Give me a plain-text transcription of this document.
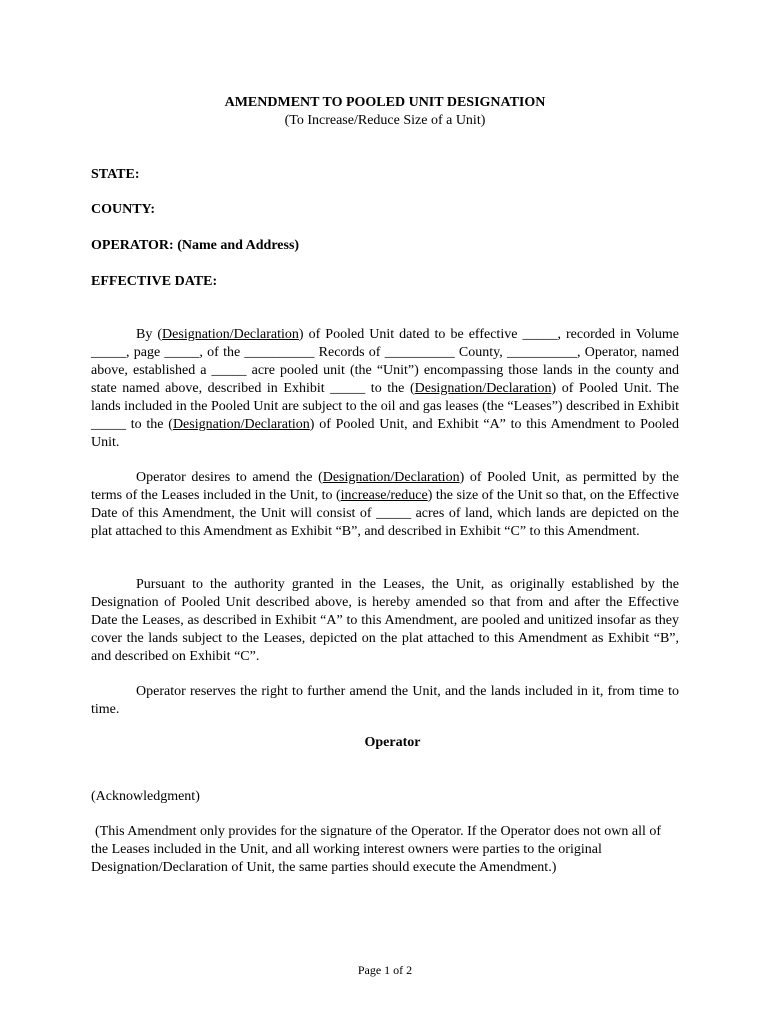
AMENDMENT TO POOLED UNIT DESIGNATION
(To Increase/Reduce Size of a Unit)
STATE:
COUNTY:
OPERATOR: (Name and Address)
EFFECTIVE DATE:

By (Designation/Declaration) of Pooled Unit dated to be effective _____, recorded in Volume _____, page _____, of the __________ Records of __________ County, __________, Operator, named above, established a _____ acre pooled unit (the “Unit”) encompassing those lands in the county and state named above, described in Exhibit _____ to the (Designation/Declaration) of Pooled Unit. The lands included in the Pooled Unit are subject to the oil and gas leases (the “Leases”) described in Exhibit _____ to the (Designation/Declaration) of Pooled Unit, and Exhibit “A” to this Amendment to Pooled Unit.

Operator desires to amend the (Designation/Declaration) of Pooled Unit, as permitted by the terms of the Leases included in the Unit, to (increase/reduce) the size of the Unit so that, on the Effective Date of this Amendment, the Unit will consist of _____ acres of land, which lands are depicted on the plat attached to this Amendment as Exhibit “B”, and described in Exhibit “C” to this Amendment.

Pursuant to the authority granted in the Leases, the Unit, as originally established by the Designation of Pooled Unit described above, is hereby amended so that from and after the Effective Date the Leases, as described in Exhibit “A” to this Amendment, are pooled and unitized insofar as they cover the lands subject to the Leases, depicted on the plat attached to this Amendment as Exhibit “B”, and described on Exhibit “C”.

Operator reserves the right to further amend the Unit, and the lands included in it, from time to time.

Operator

(Acknowledgment)

(This Amendment only provides for the signature of the Operator. If the Operator does not own all of the Leases included in the Unit, and all working interest owners were parties to the original Designation/Declaration of Unit, the same parties should execute the Amendment.)

Page 1 of 2
